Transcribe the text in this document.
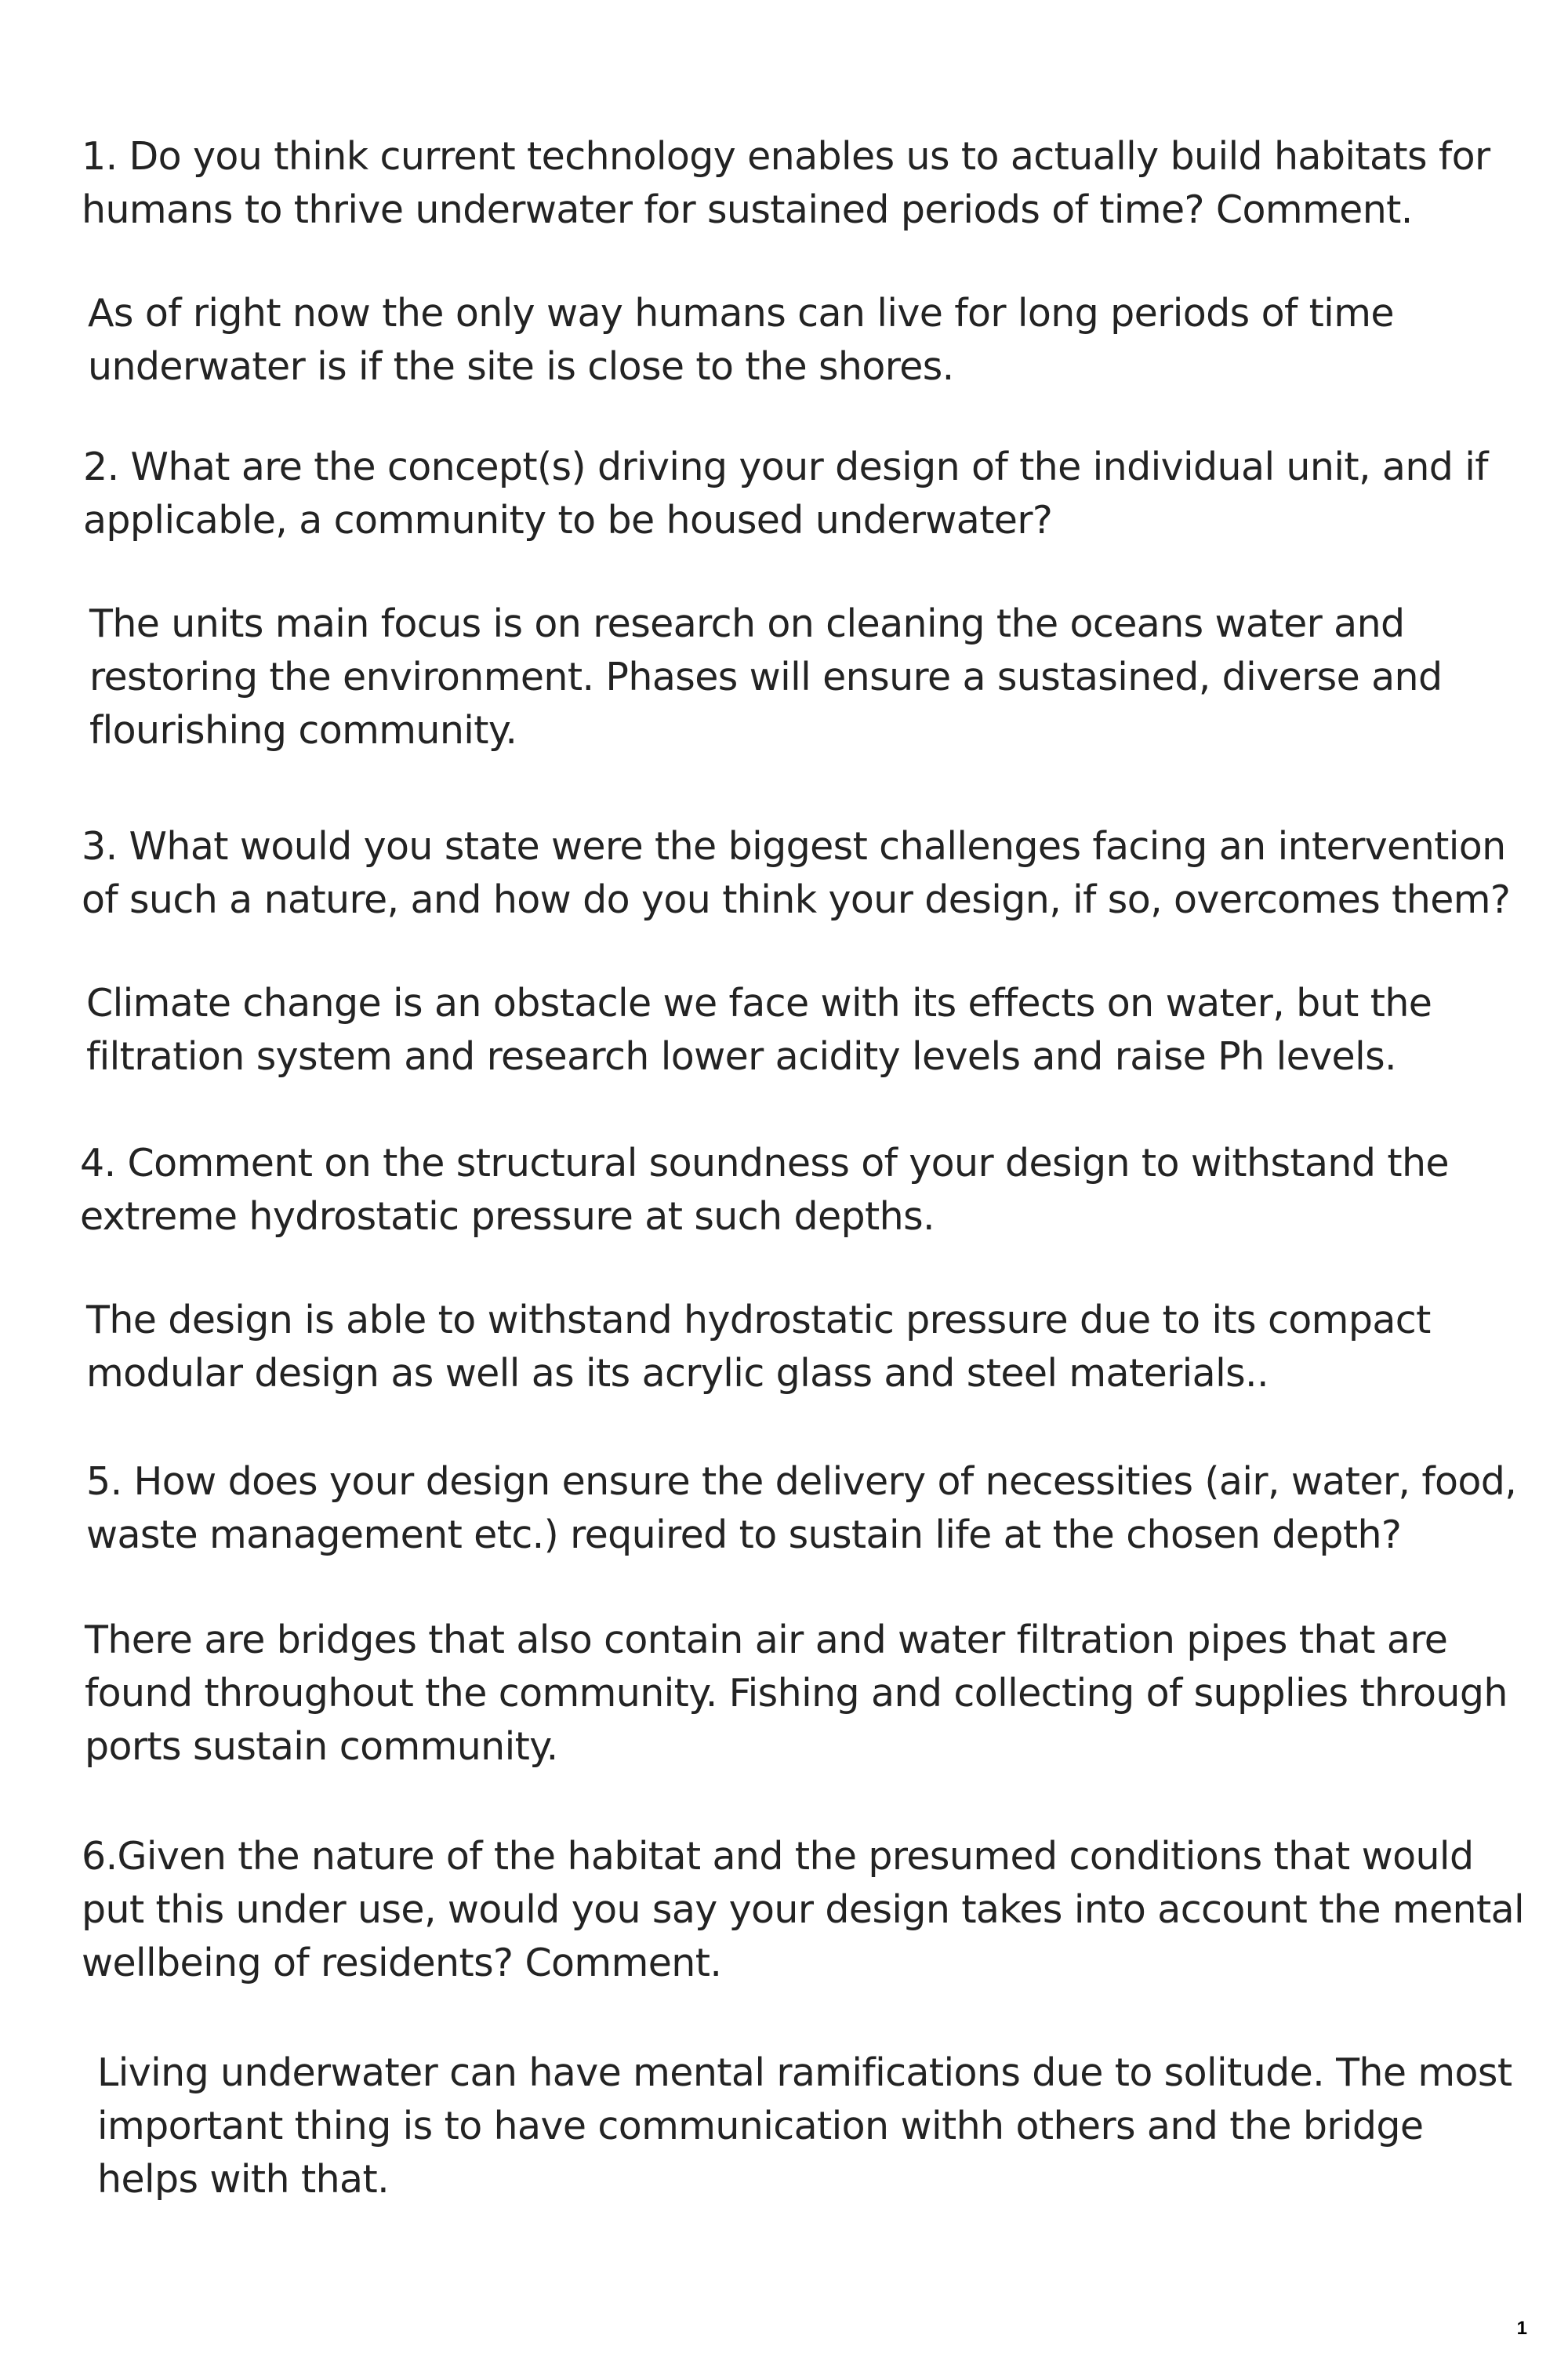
1. Do you think current technology enables us to actually build habitats for
humans to thrive underwater for sustained periods of time? Comment.

As of right now the only way humans can live for long periods of time
underwater is if the site is close to the shores.

2. What are the concept(s) driving your design of the individual unit, and if
applicable, a community to be housed underwater?

The units main focus is on research on cleaning the oceans water and
restoring the environment. Phases will ensure a sustasined, diverse and
flourishing community.

3. What would you state were the biggest challenges facing an intervention
of such a nature, and how do you think your design, if so, overcomes them?

Climate change is an obstacle we face with its effects on water, but the
filtration system and research lower acidity levels and raise Ph levels.

4. Comment on the structural soundness of your design to withstand the
extreme hydrostatic pressure at such depths.

The design is able to withstand hydrostatic pressure due to its compact
modular design as well as its acrylic glass and steel materials..

5. How does your design ensure the delivery of necessities (air, water, food,
waste management etc.) required to sustain life at the chosen depth?

There are bridges that also contain air and water filtration pipes that are
found throughout the community. Fishing and collecting of supplies through
ports sustain community.

6.Given the nature of the habitat and the presumed conditions that would
put this under use, would you say your design takes into account the mental
wellbeing of residents? Comment.

Living underwater can have mental ramifications due to solitude. The most
important thing is to have communication withh others and the bridge
helps with that.

1
